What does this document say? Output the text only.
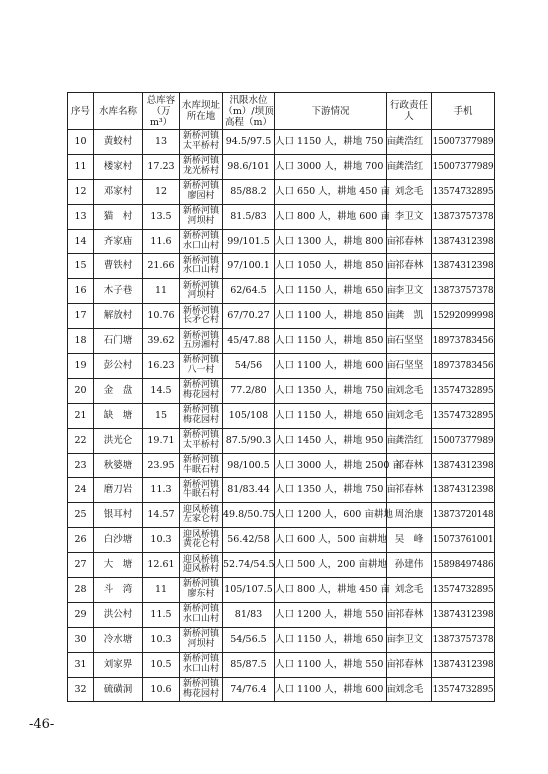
序号	水库名称	总库容（万m³）	水库坝址所在地	汛限水位（m）/坝顶高程（m）	下游情况	行政责任人	手机
10	黄蛟村	13	新桥河镇太平桥村	94.5/97.5	人口 1150 人，耕地 750 亩	龚浩红	15007377989
11	楼家村	17.23	新桥河镇龙光桥村	98.6/101	人口 3000 人，耕地 700 亩	龚浩红	15007377989
12	邓家村	12	新桥河镇廖园村	85/88.2	人口 650 人，耕地 450 亩	刘念毛	13574732895
13	猫　村	13.5	新桥河镇河坝村	81.5/83	人口 800 人，耕地 600 亩	李卫文	13873757378
14	齐家庙	11.6	新桥河镇水口山村	99/101.5	人口 1300 人，耕地 800 亩	祁春林	13874312398
15	曹铁村	21.66	新桥河镇水口山村	97/100.1	人口 1050 人，耕地 850 亩	祁春林	13874312398
16	木子巷	11	新桥河镇河坝村	62/64.5	人口 1150 人，耕地 650 亩	李卫文	13873757378
17	解放村	10.76	新桥河镇长矛仑村	67/70.27	人口 1100 人，耕地 850 亩	龚　凯	15292099998
18	石门塘	39.62	新桥河镇五房湘村	45/47.88	人口 1150 人，耕地 850 亩	石坚坚	18973783456
19	彭公村	16.23	新桥河镇八一村	54/56	人口 1100 人，耕地 600 亩	石坚坚	18973783456
20	金　盘	14.5	新桥河镇梅花园村	77.2/80	人口 1350 人，耕地 750 亩	刘念毛	13574732895
21	缺　塘	15	新桥河镇梅花园村	105/108	人口 1150 人，耕地 650 亩	刘念毛	13574732895
22	洪光仑	19.71	新桥河镇太平桥村	87.5/90.3	人口 1450 人，耕地 950 亩	龚浩红	15007377989
23	秋婆塘	23.95	新桥河镇牛眠石村	98/100.5	人口 3000 人，耕地 2500 亩	祁春林	13874312398
24	磨刀岩	11.3	新桥河镇牛眠石村	81/83.44	人口 1350 人，耕地 750 亩	祁春林	13874312398
25	银耳村	14.57	迎风桥镇左家仑村	49.8/50.75	人口 1200 人，600 亩耕地	周治康	13873720148
26	白沙塘	10.3	迎风桥镇黄花仑村	56.42/58	人口 600 人，500 亩耕地	吴　峰	15073761001
27	大　塘	12.61	迎风桥镇迎风桥村	52.74/54.5	人口 500 人，200 亩耕地	孙建伟	15898497486
28	斗　湾	11	新桥河镇廖东村	105/107.5	人口 800 人，耕地 450 亩	刘念毛	13574732895
29	洪公村	11.5	新桥河镇水口山村	81/83	人口 1200 人，耕地 550 亩	祁春林	13874312398
30	冷水塘	10.3	新桥河镇河坝村	54/56.5	人口 1150 人，耕地 650 亩	李卫文	13873757378
31	刘家界	10.5	新桥河镇水口山村	85/87.5	人口 1100 人，耕地 550 亩	祁春林	13874312398
32	硫磺洞	10.6	新桥河镇梅花园村	74/76.4	人口 1100 人，耕地 600 亩	刘念毛	13574732895
-46-
